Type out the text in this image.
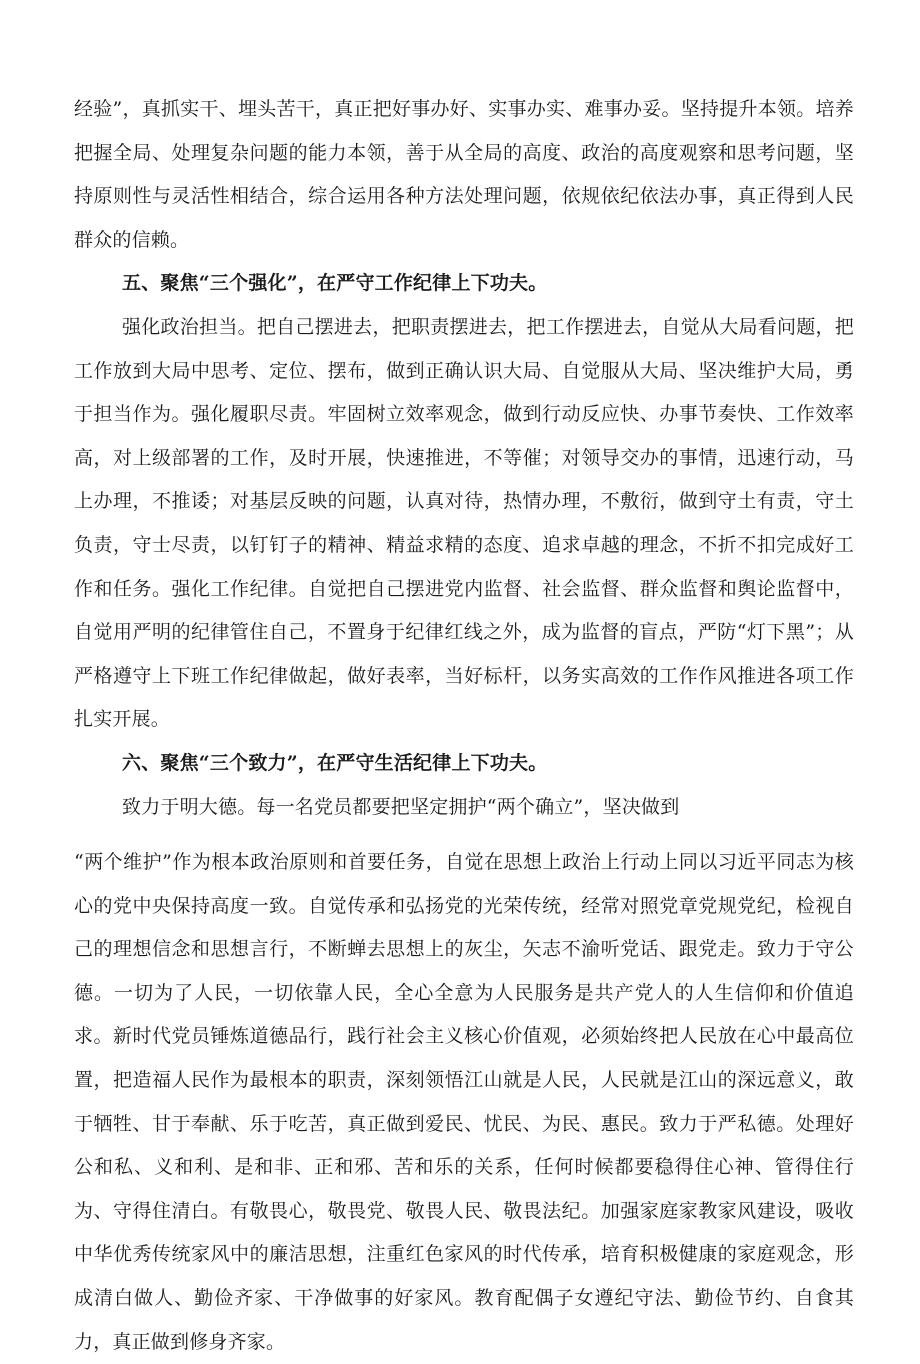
经验”，真抓实干、埋头苦干，真正把好事办好、实事办实、难事办妥。坚持提升本领。培养把握全局、处理复杂问题的能力本领，善于从全局的高度、政治的高度观察和思考问题，坚持原则性与灵活性相结合，综合运用各种方法处理问题，依规依纪依法办事，真正得到人民群众的信赖。

五、聚焦“三个强化”，在严守工作纪律上下功夫。

强化政治担当。把自己摆进去，把职责摆进去，把工作摆进去，自觉从大局看问题，把工作放到大局中思考、定位、摆布，做到正确认识大局、自觉服从大局、坚决维护大局，勇于担当作为。强化履职尽责。牢固树立效率观念，做到行动反应快、办事节奏快、工作效率高，对上级部署的工作，及时开展，快速推进，不等催；对领导交办的事情，迅速行动，马上办理，不推诿；对基层反映的问题，认真对待，热情办理，不敷衍，做到守土有责，守土负责，守士尽责，以钉钉子的精神、精益求精的态度、追求卓越的理念，不折不扣完成好工作和任务。强化工作纪律。自觉把自己摆进党内监督、社会监督、群众监督和舆论监督中，自觉用严明的纪律管住自己，不置身于纪律红线之外，成为监督的盲点，严防“灯下黑”；从严格遵守上下班工作纪律做起，做好表率，当好标杆，以务实高效的工作作风推进各项工作扎实开展。

六、聚焦“三个致力”，在严守生活纪律上下功夫。

致力于明大德。每一名党员都要把坚定拥护“两个确立”，坚决做到

“两个维护”作为根本政治原则和首要任务，自觉在思想上政治上行动上同以习近平同志为核心的党中央保持高度一致。自觉传承和弘扬党的光荣传统，经常对照党章党规党纪，检视自己的理想信念和思想言行，不断蝉去思想上的灰尘，矢志不渝听党话、跟党走。致力于守公德。一切为了人民，一切依靠人民，全心全意为人民服务是共产党人的人生信仰和价值追求。新时代党员锤炼道德品行，践行社会主义核心价值观，必须始终把人民放在心中最高位置，把造福人民作为最根本的职责，深刻领悟江山就是人民，人民就是江山的深远意义，敢于牺牲、甘于奉献、乐于吃苦，真正做到爱民、忧民、为民、惠民。致力于严私德。处理好公和私、义和利、是和非、正和邪、苦和乐的关系，任何时候都要稳得住心神、管得住行为、守得住清白。有敬畏心，敬畏党、敬畏人民、敬畏法纪。加强家庭家教家风建设，吸收中华优秀传统家风中的廉洁思想，注重红色家风的时代传承，培育积极健康的家庭观念，形成清白做人、勤俭齐家、干净做事的好家风。教育配偶子女遵纪守法、勤俭节约、自食其力，真正做到修身齐家。
